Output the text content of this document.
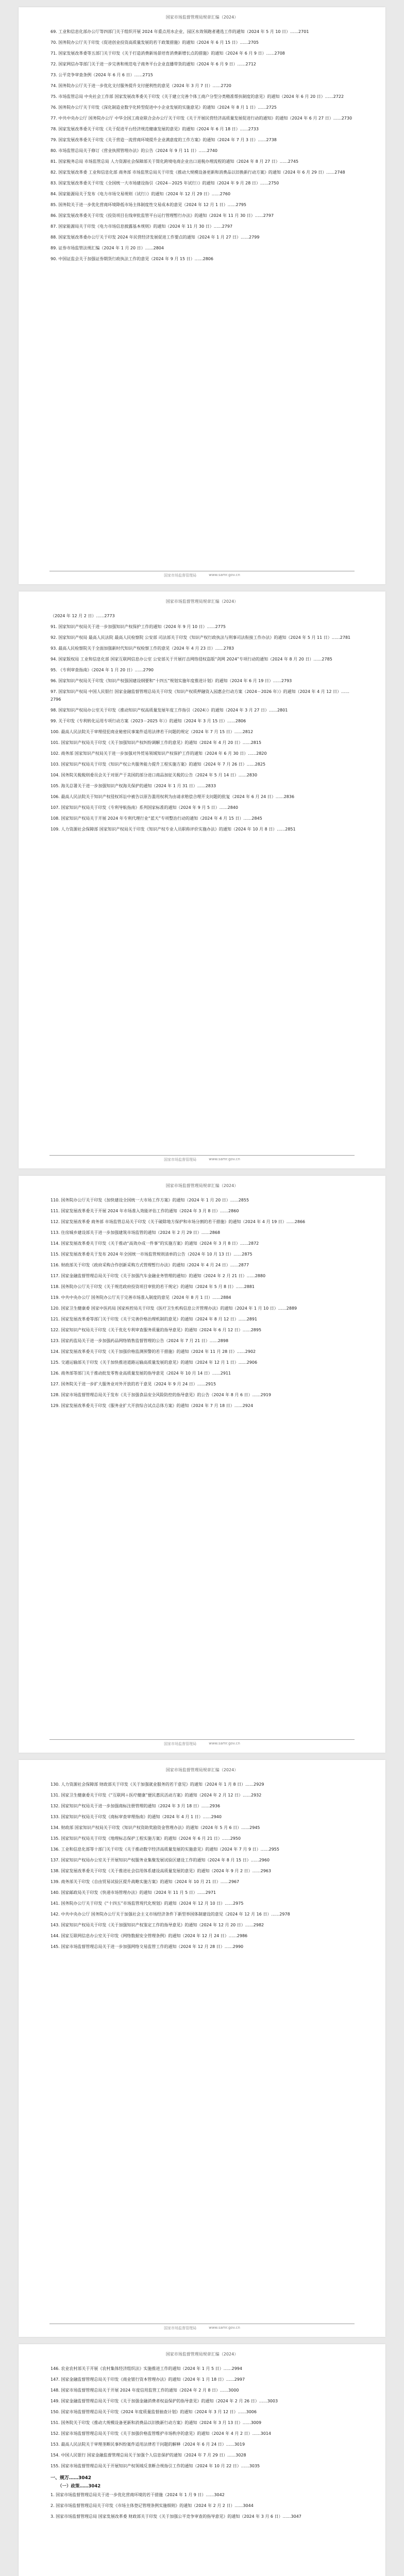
国家市场监督管理局规章汇编（2024）

69. 工业和信息化部办公厅等四部门关于组织开展 2024 年重点用水企业、园区水效领跑者遴选工作的通知（2024 年 5 月 10 日）……2701

70. 国务院办公厅关于印发《促进创业投资高质量发展的若干政策措施》的通知（2024 年 6 月 15 日）……2705

71. 国家发展改革委等五部门关于印发《关于打造消费新场景培育消费新增长点的措施》的通知（2024 年 6 月 9 日）……2708

72. 国家网信办等部门关于进一步完善和规范电子商务平台企业直播带货的通知（2024 年 6 月 9 日）……2712

73. 公平竞争审查条例（2024 年 6 月 6 日）……2715

74. 国务院办公厅关于进一步优化支付服务提升支付便利性的意见（2024 年 3 月 7 日）……2720

75. 市场监管总局 中央社会工作部 国家发展改革委关于印发《关于建立完善个体工商户分型分类精准帮扶制度的意见》的通知（2024 年 6 月 20 日）……2722

76. 国务院办公厅关于印发《深化制造业数字化转型促进中小企业发展的实施意见》的通知（2024 年 8 月 1 日）……2725

77. 中共中央办公厅 国务院办公厅 中华全国工商业联合会办公厅关于印发《关于开展民营经济高质量发展促进行动的通知》的通知（2024 年 6 月 27 日）……2730

78. 国家发展改革委关于印发《关于促进平台经济规范健康发展的意见》的通知（2024 年 6 月 18 日）……2733

79. 国家发展改革委关于印发《关于营造一流营商环境提升企业满意度的工作方案》的通知（2024 年 7 月 3 日）……2738

80. 市场监管总局关于修订《营业执照管理办法》的公告（2024 年 9 月 11 日）……2740

81. 国家税务总局 市场监管总局 人力资源社会保障部关于简化跨境电商企业出口退税办理流程的通知（2024 年 8 月 27 日）……2745

82. 国家发展改革委 工业和信息化部 商务部 市场监管总局关于印发《推动大规模设备更新和消费品以旧换新行动方案》的通知（2024 年 6 月 29 日）……2748

83. 国家发展改革委关于印发《全国统一大市场建设指引（2024－2025 年试行）》的通知（2024 年 9 月 28 日）……2750

84. 国家能源局关于发布《电力市场交易规则（试行）》的通知（2024 年 12 月 29 日）……2760

85. 国务院关于进一步优化营商环境降低市场主体制度性交易成本的意见（2024 年 12 月 1 日）……2795

86. 国家发展改革委关于印发《投资项目在线审批监管平台运行管理暂行办法》的通知（2024 年 11 月 30 日）……2797

87. 国家能源局关于印发《电力市场信息披露基本规则》的通知（2024 年 11 月 30 日）……2797

88. 国家发展改革委办公厅关于印发 2024 年民营经济发展促进工作要点的通知（2024 年 1 月 27 日）……2799

89. 证券市场监管法规汇编（2024 年 1 月 20 日）……2804

90. 中国证监会关于加强证券期货行政执法工作的意见（2024 年 9 月 15 日）……2806

国家市场监督管理局	www.samr.gov.cn
国家市场监督管理局规章汇编（2024）

（2024 年 12 月 2 日）……2773

91. 国家知识产权局关于进一步加强知识产权保护工作的通知（2024 年 9 月 10 日）……2775

92. 国家知识产权局 最高人民法院 最高人民检察院 公安部 司法部关于印发《知识产权行政执法与刑事司法衔接工作办法》的通知（2024 年 5 月 11 日）……2781

93. 最高人民检察院关于全面加强新时代知识产权检察工作的意见（2024 年 4 月 23 日）……2783

94. 国家版权局 工业和信息化部 国家互联网信息办公室 公安部关于开展打击网络侵权盗版“剑网 2024”专项行动的通知（2024 年 8 月 20 日）……2785

95. 《专利审查指南》（2024 年 1 月 20 日）……2790

96. 国家知识产权局关于印发《知识产权强国建设纲要和“十四五”规划实施年度推进计划》的通知（2024 年 6 月 19 日）……2793

97. 国家知识产权局 中国人民银行 国家金融监督管理总局关于印发《知识产权质押融资入园惠企行动方案（2024－2026 年）》的通知（2024 年 4 月 12 日）……2796

98. 国家知识产权局办公室关于印发《推动知识产权高质量发展年度工作指引（2024）》的通知（2024 年 3 月 27 日）……2801

99. 关于印发《专利转化运用专项行动方案（2023－2025 年）》的通知（2024 年 3 月 15 日）……2806

100. 最高人民法院关于审理侵犯商业秘密民事案件适用法律若干问题的规定（2024 年 7 月 15 日）……2812

101. 国家知识产权局关于印发《关于加强知识产权纠纷调解工作的意见》的通知（2024 年 4 月 20 日）……2815

102. 商务部 国家知识产权局关于进一步加强对外贸易领域知识产权保护工作的通知（2024 年 6 月 30 日）……2820

103. 国家知识产权局关于印发《知识产权公共服务能力提升工程实施方案》的通知（2024 年 7 月 26 日）……2825

104. 国务院关税税则委员会关于对原产于美国的部分进口商品加征关税的公告（2024 年 5 月 14 日）……2830

105. 海关总署关于进一步加强知识产权海关保护的通知（2024 年 1 月 31 日）……2833

106. 最高人民法院关于知识产权侵权诉讼中被告以原告滥用权利为由请求赔偿合理开支问题的批复（2024 年 6 月 24 日）……2836

107. 国家知识产权局关于印发《专利导航指南》系列国家标准的通知（2024 年 9 月 5 日）……2840

108. 国家知识产权局关于开展 2024 年专利代理行业“蓝天”专项整治行动的通知（2024 年 4 月 15 日）……2845

109. 人力资源社会保障部 国家知识产权局关于印发《知识产权专业人员职称评价实施办法》的通知（2024 年 10 月 8 日）……2851

国家市场监督管理局	www.samr.gov.cn
国家市场监督管理局规章汇编（2024）

110. 国务院办公厅关于印发《加快建设全国统一大市场工作方案》的通知（2024 年 1 月 20 日）……2855

111. 国家发展改革委关于开展 2024 年市场准入效能评估工作的通知（2024 年 3 月 8 日）……2860

112. 国家发展改革委 商务部 市场监管总局关于印发《关于破除地方保护和市场分割的若干措施》的通知（2024 年 4 月 19 日）……2866

113. 住房城乡建设部关于进一步加强建筑市场监管的通知（2024 年 2 月 29 日）……2868

114. 国家发展改革委关于印发《关于推动“高效办成一件事”的实施方案》的通知（2024 年 3 月 8 日）……2872

115. 国家发展改革委关于发布 2024 年全国统一市场监管规则清单的公告（2024 年 10 月 13 日）……2875

116. 财政部关于印发《政府采购合作创新采购方式管理暂行办法》的通知（2024 年 4 月 24 日）……2877

117. 国家金融监督管理总局关于印发《关于加强汽车金融业务管理的通知》的通知（2024 年 2 月 21 日）……2880

118. 国务院办公厅关于印发《关于规范政府投资项目审批的若干规定》的通知（2024 年 5 月 8 日）……2881

119. 中共中央办公厅 国务院办公厅关于完善市场准入制度的意见（2024 年 8 月 1 日）……2884

120. 国家卫生健康委 国家中医药局 国家疾控局关于印发《医疗卫生机构信息公开管理办法》的通知（2024 年 1 月 10 日）……2889

121. 国家发展改革委等部门关于印发《关于完善价格治理机制的意见》的通知（2024 年 8 月 12 日）……2891

122. 国家知识产权局关于印发《关于优化专利审查服务质量的指导意见》的通知（2024 年 6 月 12 日）……2895

123. 国家药监局关于进一步加强药品网络销售监督管理的公告（2024 年 7 月 21 日）……2898

124. 国家发展改革委关于印发《关于加强价格监测预警的若干措施》的通知（2024 年 11 月 28 日）……2902

125. 交通运输部关于印发《关于加快推进道路运输高质量发展的意见》的通知（2024 年 12 月 1 日）……2906

126. 商务部等部门关于推动批发零售业高质量发展的指导意见（2024 年 10 月 14 日）……2911

127. 国务院关于进一步扩大服务业对外开放的若干意见（2024 年 9 月 24 日）……2915

128. 国家市场监督管理总局关于发布《关于加强食品安全风险防控的指导意见》的公告（2024 年 8 月 6 日）……2919

129. 国家发展改革委关于印发《服务业扩大开放综合试点总体方案》的通知（2024 年 7 月 18 日）……2924

国家市场监督管理局	www.samr.gov.cn
国家市场监督管理局规章汇编（2024）

130. 人力资源社会保障部 财政部关于印发《关于加强就业服务的若干意见》的通知（2024 年 1 月 8 日）……2929

131. 国家卫生健康委关于印发《“互联网＋医疗健康”便民惠民活动方案》的通知（2024 年 2 月 12 日）……2932

132. 国家知识产权局关于进一步加强商标注册管理的通知（2024 年 3 月 18 日）……2936

133. 国家知识产权局关于印发《商标审查审理指南》的通知（2024 年 4 月 1 日）……2940

134. 财政部 国家知识产权局关于印发《知识产权资助奖励资金管理办法》的通知（2024 年 5 月 6 日）……2945

135. 国家知识产权局关于印发《地理标志保护工程实施方案》的通知（2024 年 6 月 21 日）……2950

136. 工业和信息化部等十部门关于印发《关于推动数字经济高质量发展的实施意见》的通知（2024 年 7 月 9 日）……2955

137. 国家知识产权局办公室关于开展知识产权服务业集聚发展试验区建设工作的通知（2024 年 8 月 15 日）……2960

138. 国家发展改革委关于印发《关于推进社会信用体系建设高质量发展的意见》的通知（2024 年 9 月 2 日）……2963

139. 商务部关于印发《自由贸易试验区提升战略实施方案》的通知（2024 年 10 月 21 日）……2967

140. 国家邮政局关于印发《快递市场管理办法》的通知（2024 年 11 月 5 日）……2971

141. 国务院办公厅关于印发《“十四五”市场监管现代化规划》的通知（2024 年 12 月 10 日）……2975

142. 中共中央办公厅 国务院办公厅关于加强社会主义市场经济条件下新型举国体制建设的意见（2024 年 12 月 16 日）……2978

143. 国家知识产权局关于印发《关于加强知识产权鉴定工作的指导意见》的通知（2024 年 12 月 20 日）……2982

144. 国家互联网信息办公室关于印发《网络数据安全管理条例》的通知（2024 年 12 月 24 日）……2986

145. 国家市场监督管理总局关于进一步加强网络交易监管工作的通知（2024 年 12 月 28 日）……2990

国家市场监督管理局	www.samr.gov.cn
国家市场监督管理局规章汇编（2024）

146. 农业农村部关于开展《农村集体经济组织法》实施推进工作的通知（2024 年 1 月 5 日）……2994

147. 国家金融监督管理总局关于印发《商业银行资本管理办法》的通知（2024 年 1 月 18 日）……2997

148. 国家市场监督管理总局关于开展 2024 年度信用监管工作的通知（2024 年 2 月 8 日）……3000

149. 国家金融监督管理总局关于印发《关于加强金融消费者权益保护的指导意见》的通知（2024 年 2 月 26 日）……3003

150. 国家市场监督管理总局关于印发《2024 年度质量监督抽查计划》的通知（2024 年 3 月 12 日）……3006

151. 国务院关于印发《推动大规模设备更新和消费品以旧换新行动方案》的通知（2024 年 3 月 13 日）……3009

152. 国家市场监督管理总局关于印发《关于加强价格监管维护市场秩序的意见》的通知（2024 年 4 月 2 日）……3014

153. 最高人民法院关于审理垄断民事纠纷案件适用法律若干问题的解释（2024 年 6 月 24 日）……3019

154. 中国人民银行 国家金融监督管理总局关于加强个人信息保护的通知（2024 年 7 月 29 日）……3028

155. 国家市场监督管理总局关于开展知识产权领域反垄断合规指引工作的通知（2024 年 10 月 22 日）……3035

一、规万……3042

（一）政策……3042

1. 国家市场监督管理总局关于进一步优化营商环境的若干措施（2024 年 1 月 9 日）……3042

2. 国家市场监督管理总局关于印发《市场主体登记管理条例实施细则》的通知（2024 年 2 月 2 日）……3044

3. 国家市场监督管理总局 国家发展改革委 财政部关于印发《关于加强公平竞争审查的指导意见》的通知（2024 年 3 月 6 日）……3047
